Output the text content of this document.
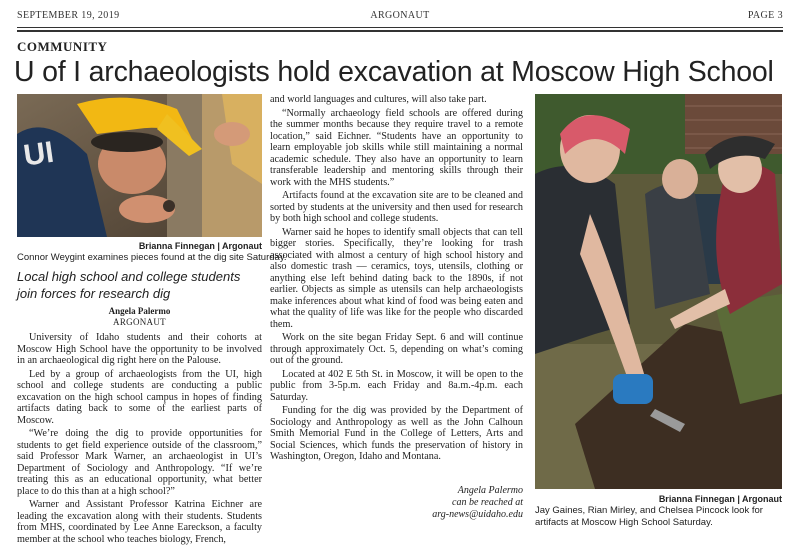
SEPTEMBER 19, 2019	ARGONAUT	PAGE 3
COMMUNITY
U of I archaeologists hold excavation at Moscow High School
UI
Brianna Finnegan | Argonaut
Connor Weygint examines pieces found at the dig site Saturday.
Local high school and college students join forces for research dig
Angela Palermo
ARGONAUT

University of Idaho students and their cohorts at Moscow High School have the opportunity to be involved in an archaeological dig right here on the Palouse.

Led by a group of archaeologists from the UI, high school and college students are conducting a public excavation on the high school campus in hopes of finding artifacts dating back to some of the earliest parts of Moscow.

“We’re doing the dig to provide opportunities for students to get field experience outside of the classroom,” said Professor Mark Warner, an archaeologist in UI’s Department of Sociology and Anthropology. “If we’re treating this as an educational opportunity, what better place to do this than at a high school?”

Warner and Assistant Professor Katrina Eichner are leading the excavation along with their students. Students from MHS, coordinated by Lee Anne Eareckson, a faculty member at the school who teaches biology, French,

and world languages and cultures, will also take part.

“Normally archaeology field schools are offered during the summer months because they require travel to a remote location,” said Eichner. “Students have an opportunity to learn employable job skills while still maintaining a normal academic schedule. They also have an opportunity to learn transferable leadership and mentoring skills through their work with the MHS students.”

Artifacts found at the excavation site are to be cleaned and sorted by students at the university and then used for research by both high school and college students.

Warner said he hopes to identify small objects that can tell bigger stories. Specifically, they’re looking for trash associated with almost a century of high school history and also domestic trash — ceramics, toys, utensils, clothing or anything else left behind dating back to the 1890s, if not earlier. Objects as simple as utensils can help archaeologists make inferences about what kind of food was being eaten and what the quality of life was like for the people who discarded them.

Work on the site began Friday Sept. 6 and will continue through approximately Oct. 5, depending on what’s coming out of the ground.

Located at 402 E 5th St. in Moscow, it will be open to the public from 3-5p.m. each Friday and 8a.m.-4p.m. each Saturday.

Funding for the dig was provided by the Department of Sociology and Anthropology as well as the John Calhoun Smith Memorial Fund in the College of Letters, Arts and Social Sciences, which funds the preservation of history in Washington, Oregon, Idaho and Montana.

Angela Palermo
can be reached at
arg-news@uidaho.edu
Brianna Finnegan | Argonaut
Jay Gaines, Rian Mirley, and Chelsea Pincock look for artifacts at Moscow High School Saturday.
